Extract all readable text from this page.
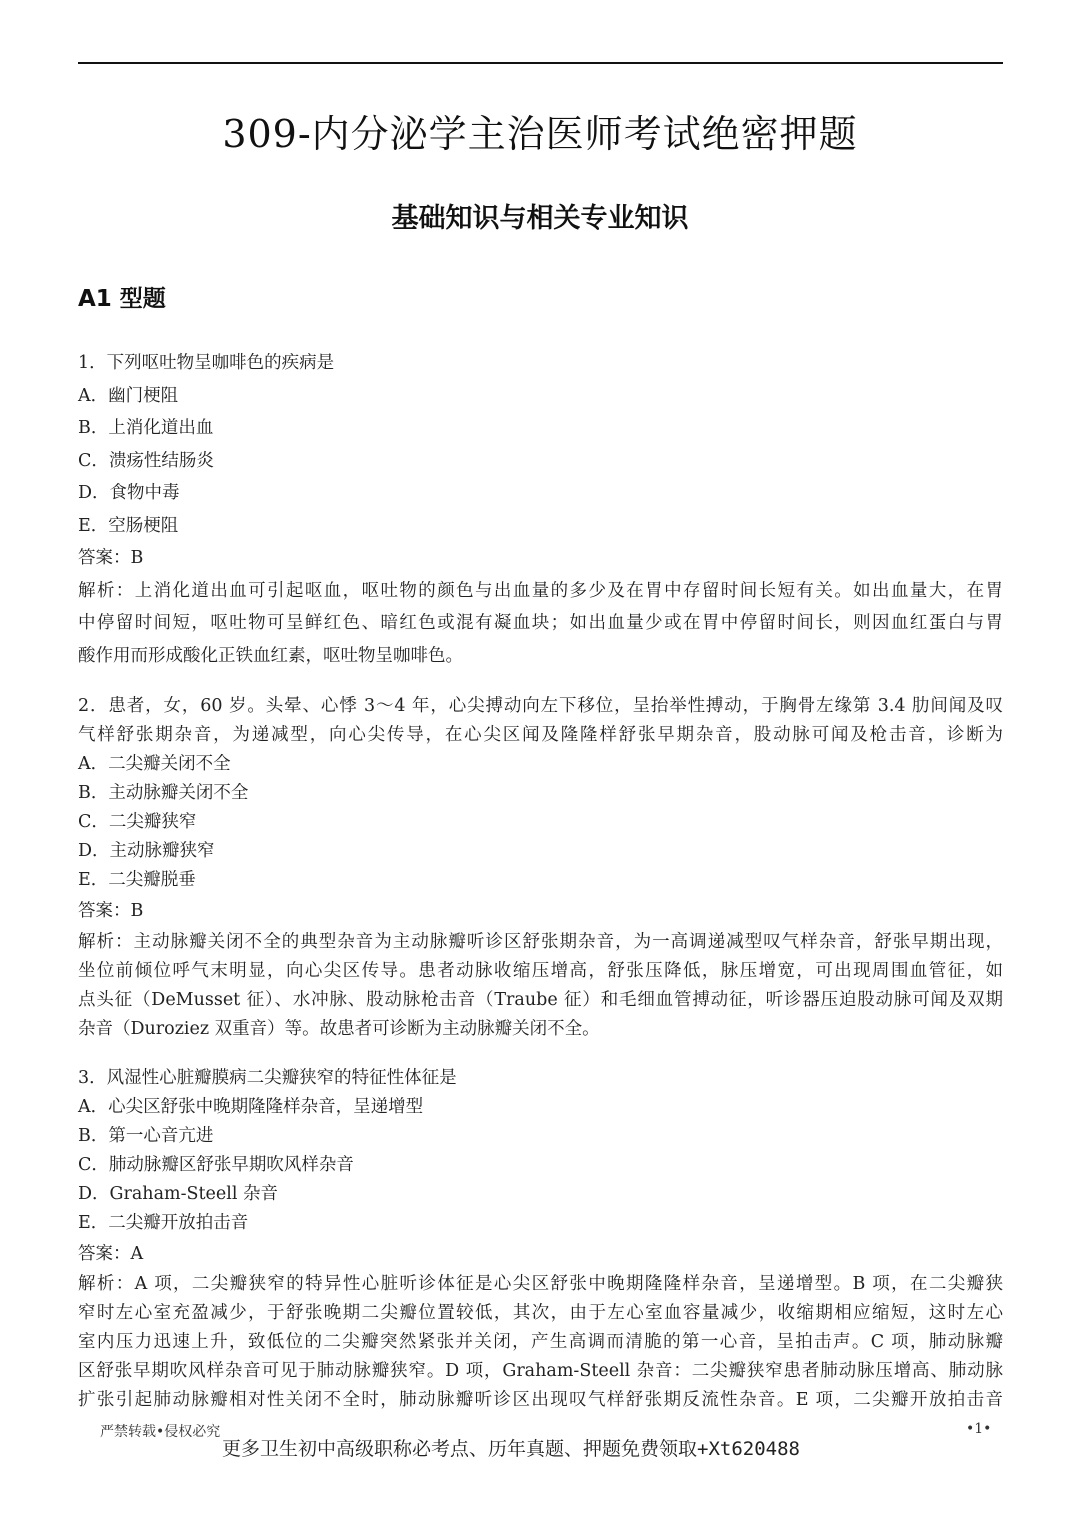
309-内分泌学主治医师考试绝密押题
基础知识与相关专业知识
A1 型题
1．下列呕吐物呈咖啡色的疾病是
A．幽门梗阻
B．上消化道出血
C．溃疡性结肠炎
D．食物中毒
E．空肠梗阻
答案：B
解析：上消化道出血可引起呕血，呕吐物的颜色与出血量的多少及在胃中存留时间长短有关。如出血量大，在胃
中停留时间短，呕吐物可呈鲜红色、暗红色或混有凝血块；如出血量少或在胃中停留时间长，则因血红蛋白与胃
酸作用而形成酸化正铁血红素，呕吐物呈咖啡色。
2．患者，女，60 岁。头晕、心悸 3～4 年，心尖搏动向左下移位，呈抬举性搏动，于胸骨左缘第 3.4 肋间闻及叹
气样舒张期杂音，为递减型，向心尖传导，在心尖区闻及隆隆样舒张早期杂音，股动脉可闻及枪击音，诊断为
A．二尖瓣关闭不全
B．主动脉瓣关闭不全
C．二尖瓣狭窄
D．主动脉瓣狭窄
E．二尖瓣脱垂
答案：B
解析：主动脉瓣关闭不全的典型杂音为主动脉瓣听诊区舒张期杂音，为一高调递减型叹气样杂音，舒张早期出现，
坐位前倾位呼气末明显，向心尖区传导。患者动脉收缩压增高，舒张压降低，脉压增宽，可出现周围血管征，如
点头征（DeMusset 征）、水冲脉、股动脉枪击音（Traube 征）和毛细血管搏动征，听诊器压迫股动脉可闻及双期
杂音（Duroziez 双重音）等。故患者可诊断为主动脉瓣关闭不全。
3．风湿性心脏瓣膜病二尖瓣狭窄的特征性体征是
A．心尖区舒张中晚期隆隆样杂音，呈递增型
B．第一心音亢进
C．肺动脉瓣区舒张早期吹风样杂音
D．Graham-Steell 杂音
E．二尖瓣开放拍击音
答案：A
解析：A 项，二尖瓣狭窄的特异性心脏听诊体征是心尖区舒张中晚期隆隆样杂音，呈递增型。B 项，在二尖瓣狭
窄时左心室充盈减少，于舒张晚期二尖瓣位置较低，其次，由于左心室血容量减少，收缩期相应缩短，这时左心
室内压力迅速上升，致低位的二尖瓣突然紧张并关闭，产生高调而清脆的第一心音，呈拍击声。C 项，肺动脉瓣
区舒张早期吹风样杂音可见于肺动脉瓣狭窄。D 项，Graham-Steell 杂音：二尖瓣狭窄患者肺动脉压增高、肺动脉
扩张引起肺动脉瓣相对性关闭不全时，肺动脉瓣听诊区出现叹气样舒张期反流性杂音。E 项，二尖瓣开放拍击音
严禁转载•侵权必究
更多卫生初中高级职称必考点、历年真题、押题免费领取+Xt620488
•1•
